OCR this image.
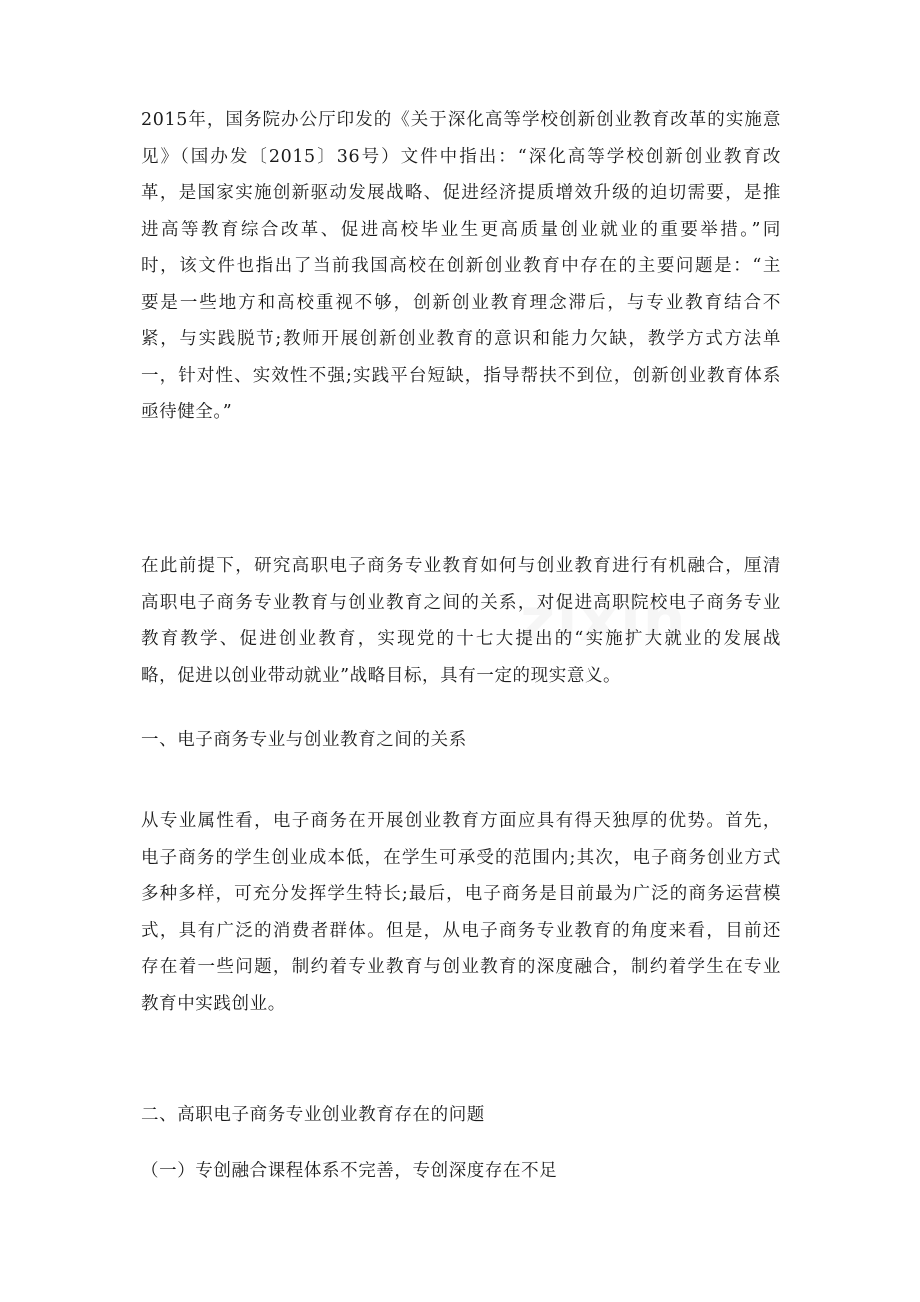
zixin
2015年，国务院办公厅印发的《关于深化高等学校创新创业教育改革的实施意
见》（国办发〔2015〕36号）文件中指出：“深化高等学校创新创业教育改
革，是国家实施创新驱动发展战略、促进经济提质增效升级的迫切需要，是推
进高等教育综合改革、促进高校毕业生更高质量创业就业的重要举措。”同
时，该文件也指出了当前我国高校在创新创业教育中存在的主要问题是：“主
要是一些地方和高校重视不够，创新创业教育理念滞后，与专业教育结合不
紧，与实践脱节;教师开展创新创业教育的意识和能力欠缺，教学方式方法单
一，针对性、实效性不强;实践平台短缺，指导帮扶不到位，创新创业教育体系
亟待健全。”
在此前提下，研究高职电子商务专业教育如何与创业教育进行有机融合，厘清
高职电子商务专业教育与创业教育之间的关系，对促进高职院校电子商务专业
教育教学、促进创业教育，实现党的十七大提出的“实施扩大就业的发展战
略，促进以创业带动就业”战略目标，具有一定的现实意义。
一、电子商务专业与创业教育之间的关系
从专业属性看，电子商务在开展创业教育方面应具有得天独厚的优势。首先，
电子商务的学生创业成本低，在学生可承受的范围内;其次，电子商务创业方式
多种多样，可充分发挥学生特长;最后，电子商务是目前最为广泛的商务运营模
式，具有广泛的消费者群体。但是，从电子商务专业教育的角度来看，目前还
存在着一些问题，制约着专业教育与创业教育的深度融合，制约着学生在专业
教育中实践创业。
二、高职电子商务专业创业教育存在的问题
（一）专创融合课程体系不完善，专创深度存在不足
